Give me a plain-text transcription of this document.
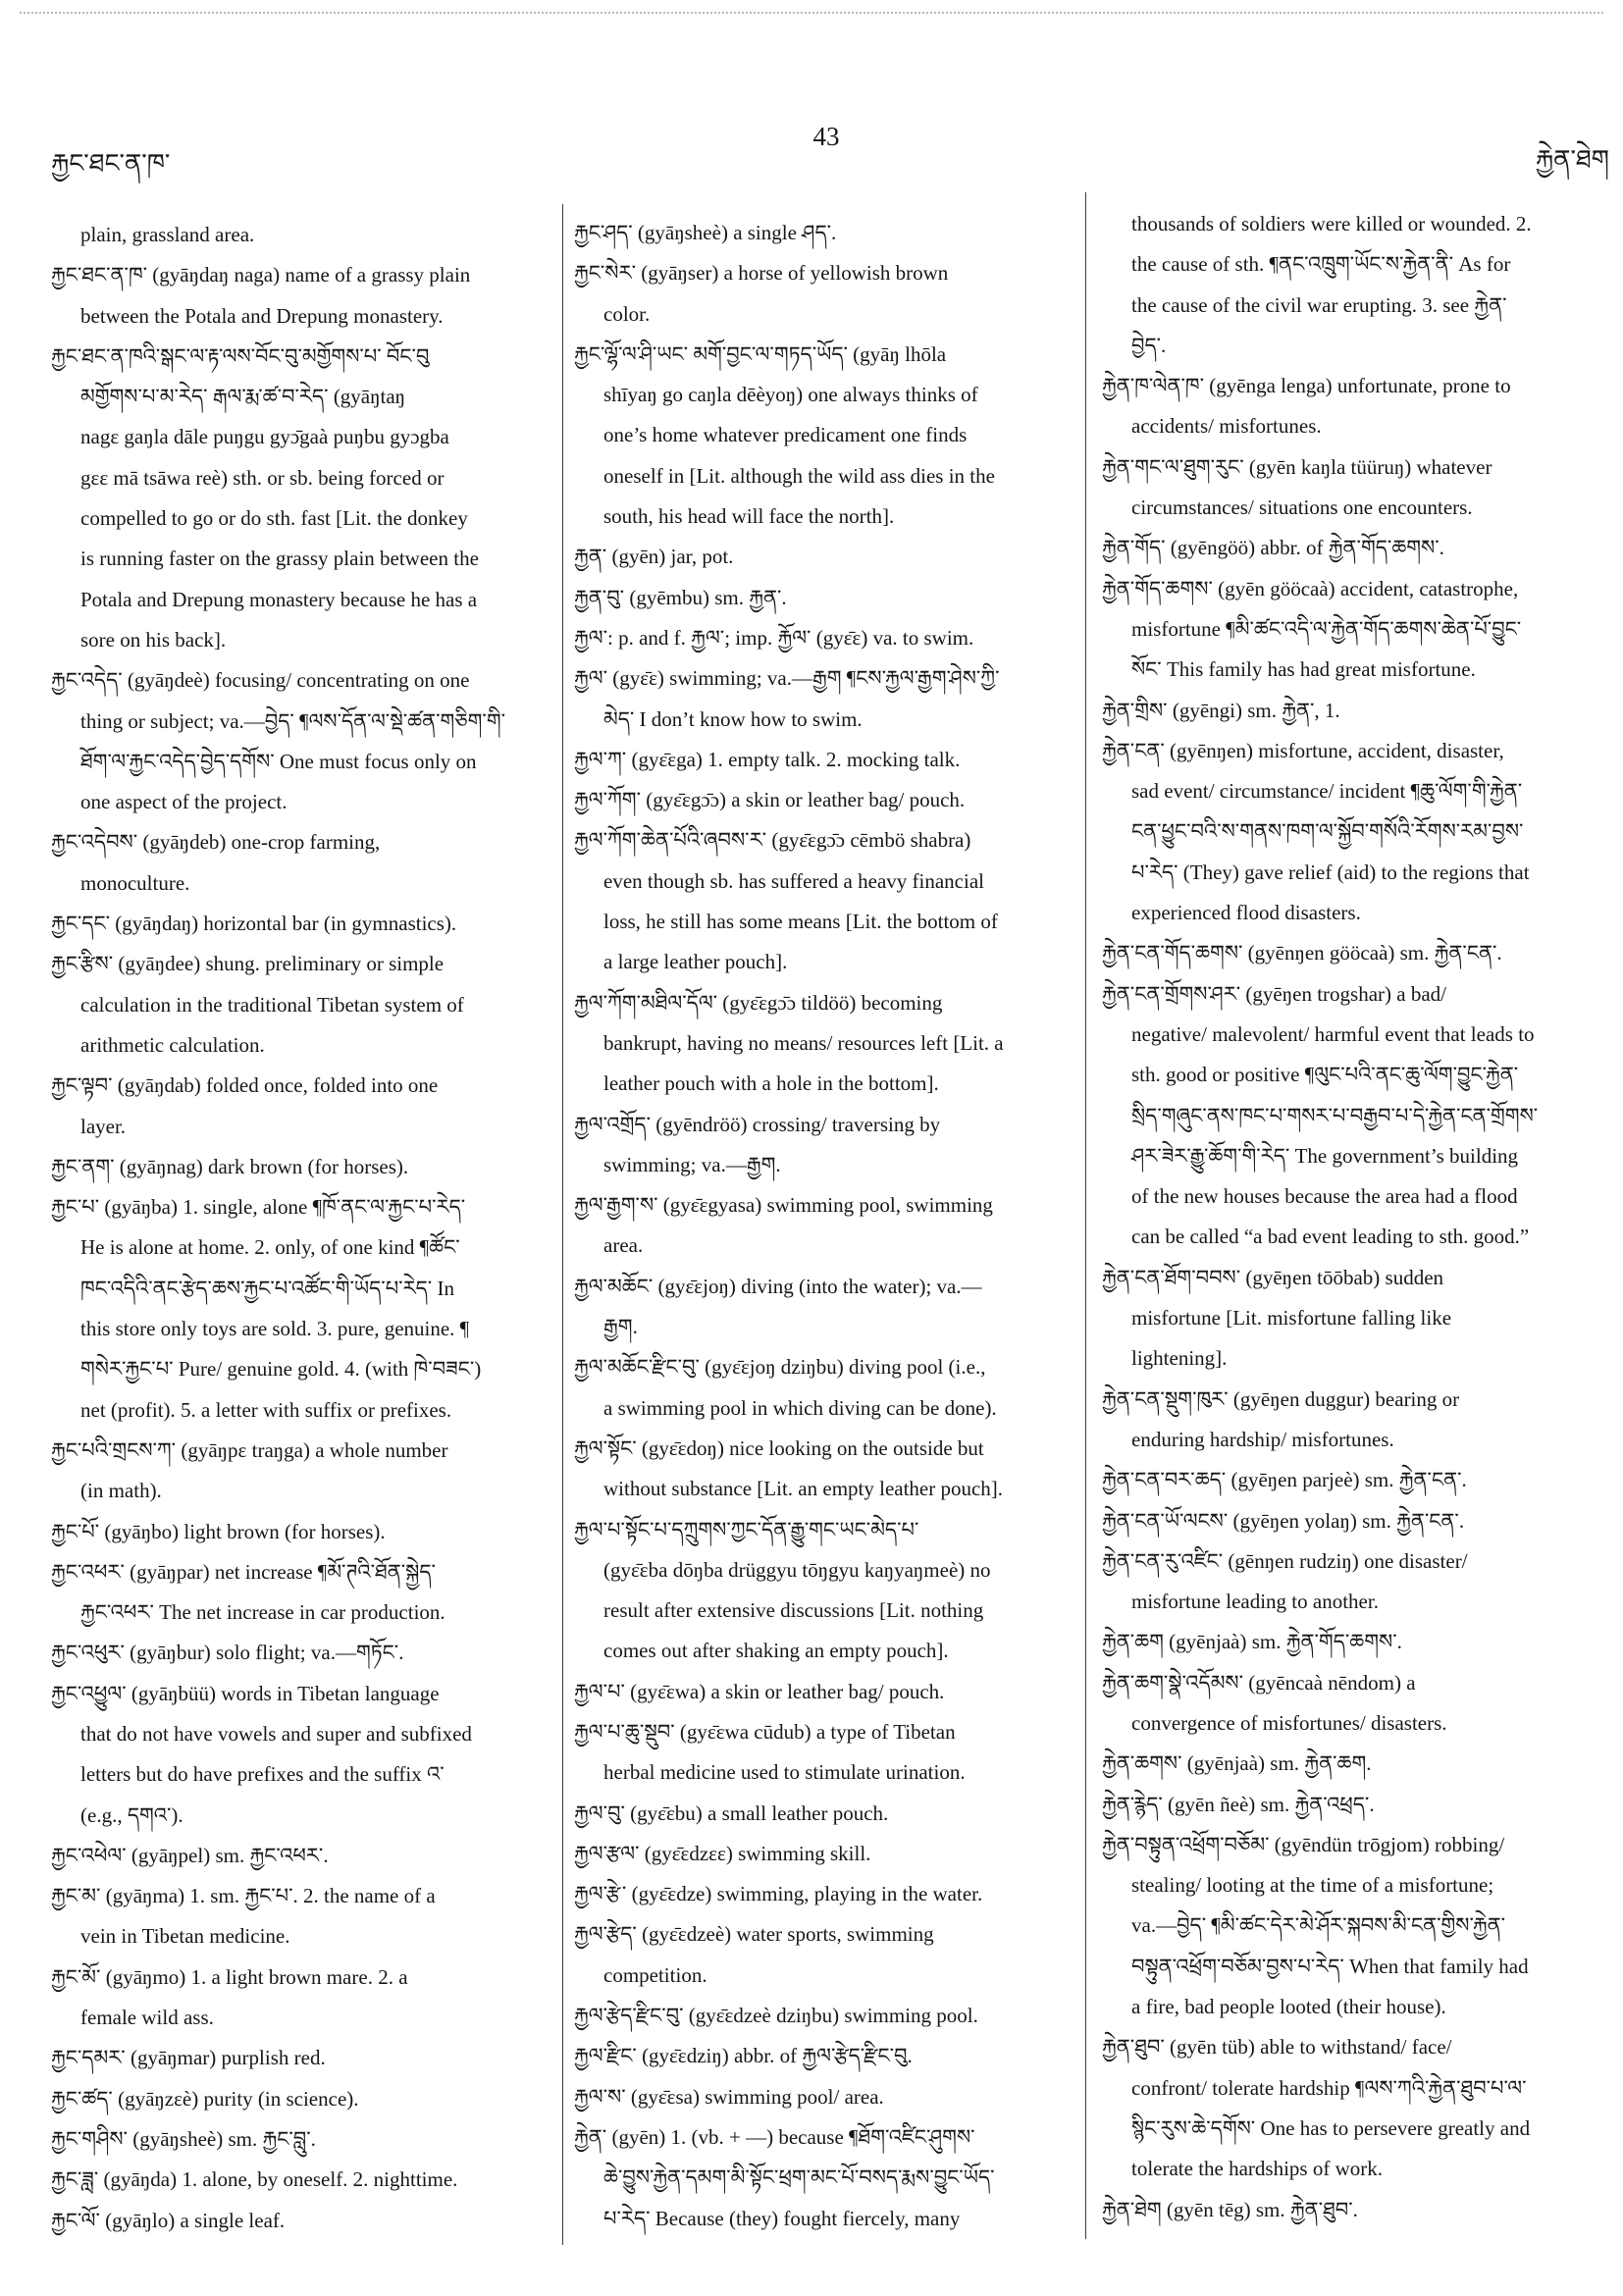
རྐྱང་ཐང་ན་ཁ་
43
རྐྱེན་ཐེག
plain, grassland area.
རྐྱང་ཐང་ན་ཁ་ (gyāŋdaŋ naga) name of a grassy plain
between the Potala and Drepung monastery.
རྐྱང་ཐང་ན་ཁའི་སྒང་ལ་རྟ་ལས་བོང་བུ་མགྱོགས་པ་ བོང་བུ
མགྱོགས་པ་མ་རེད་ རྒལ་རྨ་ཚ་བ་རེད་ (gyāŋtaŋ
nagɛ gaŋla dāle puŋgu gyɔ̄gaà puŋbu gyɔgba
gɛɛ mā tsāwa reè) sth. or sb. being forced or
compelled to go or do sth. fast [Lit. the donkey
is running faster on the grassy plain between the
Potala and Drepung monastery because he has a
sore on his back].
རྐྱང་འདེད་ (gyāŋdeè) focusing/ concentrating on one
thing or subject; va.—བྱེད་ ¶ལས་དོན་ལ་སྡེ་ཚན་གཅིག་གི་
ཐོག་ལ་རྐྱང་འདེད་བྱེད་དགོས་ One must focus only on
one aspect of the project.
རྐྱང་འདེབས་ (gyāŋdeb) one-crop farming,
monoculture.
རྐྱང་དང་ (gyāŋdaŋ) horizontal bar (in gymnastics).
རྐྱང་རྩིས་ (gyāŋdee) shung. preliminary or simple
calculation in the traditional Tibetan system of
arithmetic calculation.
རྐྱང་ལྟབ་ (gyāŋdab) folded once, folded into one
layer.
རྐྱང་ནག་ (gyāŋnag) dark brown (for horses).
རྐྱང་པ་ (gyāŋba) 1. single, alone ¶ཁོ་ནང་ལ་རྐྱང་པ་རེད་
He is alone at home. 2. only, of one kind ¶ཚོང་
ཁང་འདིའི་ནང་རྩེད་ཆས་རྐྱང་པ་འཚོང་གི་ཡོད་པ་རེད་ In
this store only toys are sold. 3. pure, genuine. ¶
གསེར་རྐྱང་པ་ Pure/ genuine gold. 4. (with ཁེ་བཟང་)
net (profit). 5. a letter with suffix or prefixes.
རྐྱང་པའི་གྲངས་ཀ་ (gyāŋpɛ traŋga) a whole number
(in math).
རྐྱང་པོ་ (gyāŋbo) light brown (for horses).
རྐྱང་འཕར་ (gyāŋpar) net increase ¶མོ་ཊའི་ཐོན་སྐྱེད་
རྐྱང་འཕར་ The net increase in car production.
རྐྱང་འཕུར་ (gyāŋbur) solo flight; va.—གཏོང་.
རྐྱང་འཕྱུལ་ (gyāŋbüü) words in Tibetan language
that do not have vowels and super and subfixed
letters but do have prefixes and the suffix འ་
(e.g., དགའ་).
རྐྱང་འཕེལ་ (gyāŋpel) sm. རྐྱང་འཕར་.
རྐྱང་མ་ (gyāŋma) 1. sm. རྐྱང་པ་. 2. the name of a
vein in Tibetan medicine.
རྐྱང་མོ་ (gyāŋmo) 1. a light brown mare. 2. a
female wild ass.
རྐྱང་དམར་ (gyāŋmar) purplish red.
རྐྱང་ཚད་ (gyāŋzɛè) purity (in science).
རྐྱང་གཤིས་ (gyāŋsheè) sm. རྐྱང་བླུ་.
རྐྱང་ཟླ་ (gyāŋda) 1. alone, by oneself. 2. nighttime.
རྐྱང་ལོ་ (gyāŋlo) a single leaf.
རྐྱང་ཤད་ (gyāŋsheè) a single ཤད་.
རྐྱང་སེར་ (gyāŋser) a horse of yellowish brown
color.
རྐྱང་ལྷོ་ལ་ཤི་ཡང་ མགོ་བྱང་ལ་གཏད་ཡོད་ (gyāŋ lhōla
shīyaŋ go caŋla dēèyoŋ) one always thinks of
one’s home whatever predicament one finds
oneself in [Lit. although the wild ass dies in the
south, his head will face the north].
རྐྱན་ (gyēn) jar, pot.
རྐྱན་བུ་ (gyēmbu) sm. རྐྱན་.
རྐྱལ་: p. and f. རྐྱལ་; imp. རྐྱོལ་ (gyɛ̄ɛ) va. to swim.
རྐྱལ་ (gyɛ̄ɛ) swimming; va.—རྒྱག ¶ངས་རྐྱལ་རྒྱག་ཤེས་ཀྱི་
མེད་ I don’t know how to swim.
རྐྱལ་ཀ་ (gyɛ̄ɛga) 1. empty talk. 2. mocking talk.
རྐྱལ་ཀོག་ (gyɛ̄ɛgɔ̄ɔ) a skin or leather bag/ pouch.
རྐྱལ་ཀོག་ཆེན་པོའི་ཞབས་ར་ (gyɛ̄ɛgɔ̄ɔ cēmbö shabra)
even though sb. has suffered a heavy financial
loss, he still has some means [Lit. the bottom of
a large leather pouch].
རྐྱལ་ཀོག་མཐིལ་དོལ་ (gyɛ̄ɛgɔ̄ɔ tildöö) becoming
bankrupt, having no means/ resources left [Lit. a
leather pouch with a hole in the bottom].
རྐྱལ་འགྲོད་ (gyēndröö) crossing/ traversing by
swimming; va.—རྒྱག.
རྐྱལ་རྒྱག་ས་ (gyɛ̄ɛgyasa) swimming pool, swimming
area.
རྐྱལ་མཆོང་ (gyɛ̄ɛjoŋ) diving (into the water); va.—
རྒྱག.
རྐྱལ་མཆོང་རྫིང་བུ་ (gyɛ̄ɛjoŋ dziŋbu) diving pool (i.e.,
a swimming pool in which diving can be done).
རྐྱལ་སྟོང་ (gyɛ̄ɛdoŋ) nice looking on the outside but
without substance [Lit. an empty leather pouch].
རྐྱལ་པ་སྟོང་པ་དཀྲུགས་ཀྱང་དོན་རྒྱུ་གང་ཡང་མེད་པ་
(gyɛ̄ɛba dōŋba drüggyu tōŋgyu kaŋyaŋmeè) no
result after extensive discussions [Lit. nothing
comes out after shaking an empty pouch].
རྐྱལ་པ་ (gyɛ̄ɛwa) a skin or leather bag/ pouch.
རྐྱལ་པ་ཆུ་སྡུབ་ (gyɛ̄ɛwa cūdub) a type of Tibetan
herbal medicine used to stimulate urination.
རྐྱལ་བུ་ (gyɛ̄ɛbu) a small leather pouch.
རྐྱལ་རྩལ་ (gyɛ̄ɛdzɛɛ) swimming skill.
རྐྱལ་རྩེ་ (gyɛ̄ɛdze) swimming, playing in the water.
རྐྱལ་རྩེད་ (gyɛ̄ɛdzeè) water sports, swimming
competition.
རྐྱལ་རྩེད་རྫིང་བུ་ (gyɛ̄ɛdzeè dziŋbu) swimming pool.
རྐྱལ་རྫིང་ (gyɛ̄ɛdziŋ) abbr. of རྐྱལ་རྩེད་རྫིང་བུ.
རྐྱལ་ས་ (gyɛ̄ɛsa) swimming pool/ area.
རྐྱེན་ (gyēn) 1. (vb. + —) because ¶ཐོག་འཛིང་ཤུགས་
ཆེ་བྱུས་རྐྱེན་དམག་མི་སྟོང་ཕྲག་མང་པོ་བསད་རྨས་བྱུང་ཡོད་
པ་རེད་ Because (they) fought fiercely, many
thousands of soldiers were killed or wounded. 2.
the cause of sth. ¶ནང་འཁྲུག་ཡོང་ས་རྐྱེན་ནི་ As for
the cause of the civil war erupting. 3. see རྐྱེན་
བྱེད་.
རྐྱེན་ཁ་ལེན་ཁ་ (gyēnga lenga) unfortunate, prone to
accidents/ misfortunes.
རྐྱེན་གང་ལ་ཐུག་རུང་ (gyēn kaŋla tüüruŋ) whatever
circumstances/ situations one encounters.
རྐྱེན་གོད་ (gyēngöö) abbr. of རྐྱེན་གོད་ཆགས་.
རྐྱེན་གོད་ཆགས་ (gyēn gööcaà) accident, catastrophe,
misfortune ¶མི་ཚང་འདི་ལ་རྐྱེན་གོད་ཆགས་ཆེན་པོ་བྱུང་
སོང་ This family has had great misfortune.
རྐྱེན་གྲིས་ (gyēngi) sm. རྐྱེན་, 1.
རྐྱེན་ངན་ (gyēnŋen) misfortune, accident, disaster,
sad event/ circumstance/ incident ¶ཆུ་ལོག་གི་རྐྱེན་
ངན་ཕྱུང་བའི་ས་གནས་ཁག་ལ་སྐྱོབ་གསོའི་རོགས་རམ་བྱས་
པ་རེད་ (They) gave relief (aid) to the regions that
experienced flood disasters.
རྐྱེན་ངན་གོད་ཆགས་ (gyēnŋen gööcaà) sm. རྐྱེན་ངན་.
རྐྱེན་ངན་གྲོགས་ཤར་ (gyēŋen trogshar) a bad/
negative/ malevolent/ harmful event that leads to
sth. good or positive ¶ལུང་པའི་ནང་ཆུ་ལོག་བྱུང་རྐྱེན་
སྲིད་གཞུང་ནས་ཁང་པ་གསར་པ་བརྒྱབ་པ་དེ་རྐྱེན་ངན་གྲོགས་
ཤར་ཟེར་རྒྱུ་ཆོག་གི་རེད་ The government’s building
of the new houses because the area had a flood
can be called “a bad event leading to sth. good.”
རྐྱེན་ངན་ཐོག་བབས་ (gyēŋen tōōbab) sudden
misfortune [Lit. misfortune falling like
lightening].
རྐྱེན་ངན་སྡུག་ཁུར་ (gyēŋen duggur) bearing or
enduring hardship/ misfortunes.
རྐྱེན་ངན་བར་ཆད་ (gyēŋen parjeè) sm. རྐྱེན་ངན་.
རྐྱེན་ངན་ཡོ་ལངས་ (gyēŋen yolaŋ) sm. རྐྱེན་ངན་.
རྐྱེན་ངན་རུ་འཛིང་ (gēnŋen rudziŋ) one disaster/
misfortune leading to another.
རྐྱེན་ཆག (gyēnjaà) sm. རྐྱེན་གོད་ཆགས་.
རྐྱེན་ཆག་སྣེ་འདོམས་ (gyēncaà nēndom) a
convergence of misfortunes/ disasters.
རྐྱེན་ཆགས་ (gyēnjaà) sm. རྐྱེན་ཆག.
རྐྱེན་རྙེད་ (gyēn ñeè) sm. རྐྱེན་འཕྲད་.
རྐྱེན་བསྟུན་འཕྲོག་བཅོམ་ (gyēndün trōgjom) robbing/
stealing/ looting at the time of a misfortune;
va.—བྱེད་ ¶མི་ཚང་དེར་མེ་ཤོར་སྐབས་མི་ངན་གྱིས་རྐྱེན་
བསྟུན་འཕྲོག་བཅོམ་བྱས་པ་རེད་ When that family had
a fire, bad people looted (their house).
རྐྱེན་ཐུབ་ (gyēn tüb) able to withstand/ face/
confront/ tolerate hardship ¶ལས་ཀའི་རྐྱེན་ཐུབ་པ་ལ་
སྙིང་རུས་ཆེ་དགོས་ One has to persevere greatly and
tolerate the hardships of work.
རྐྱེན་ཐེག (gyēn tēg) sm. རྐྱེན་ཐུབ་.
